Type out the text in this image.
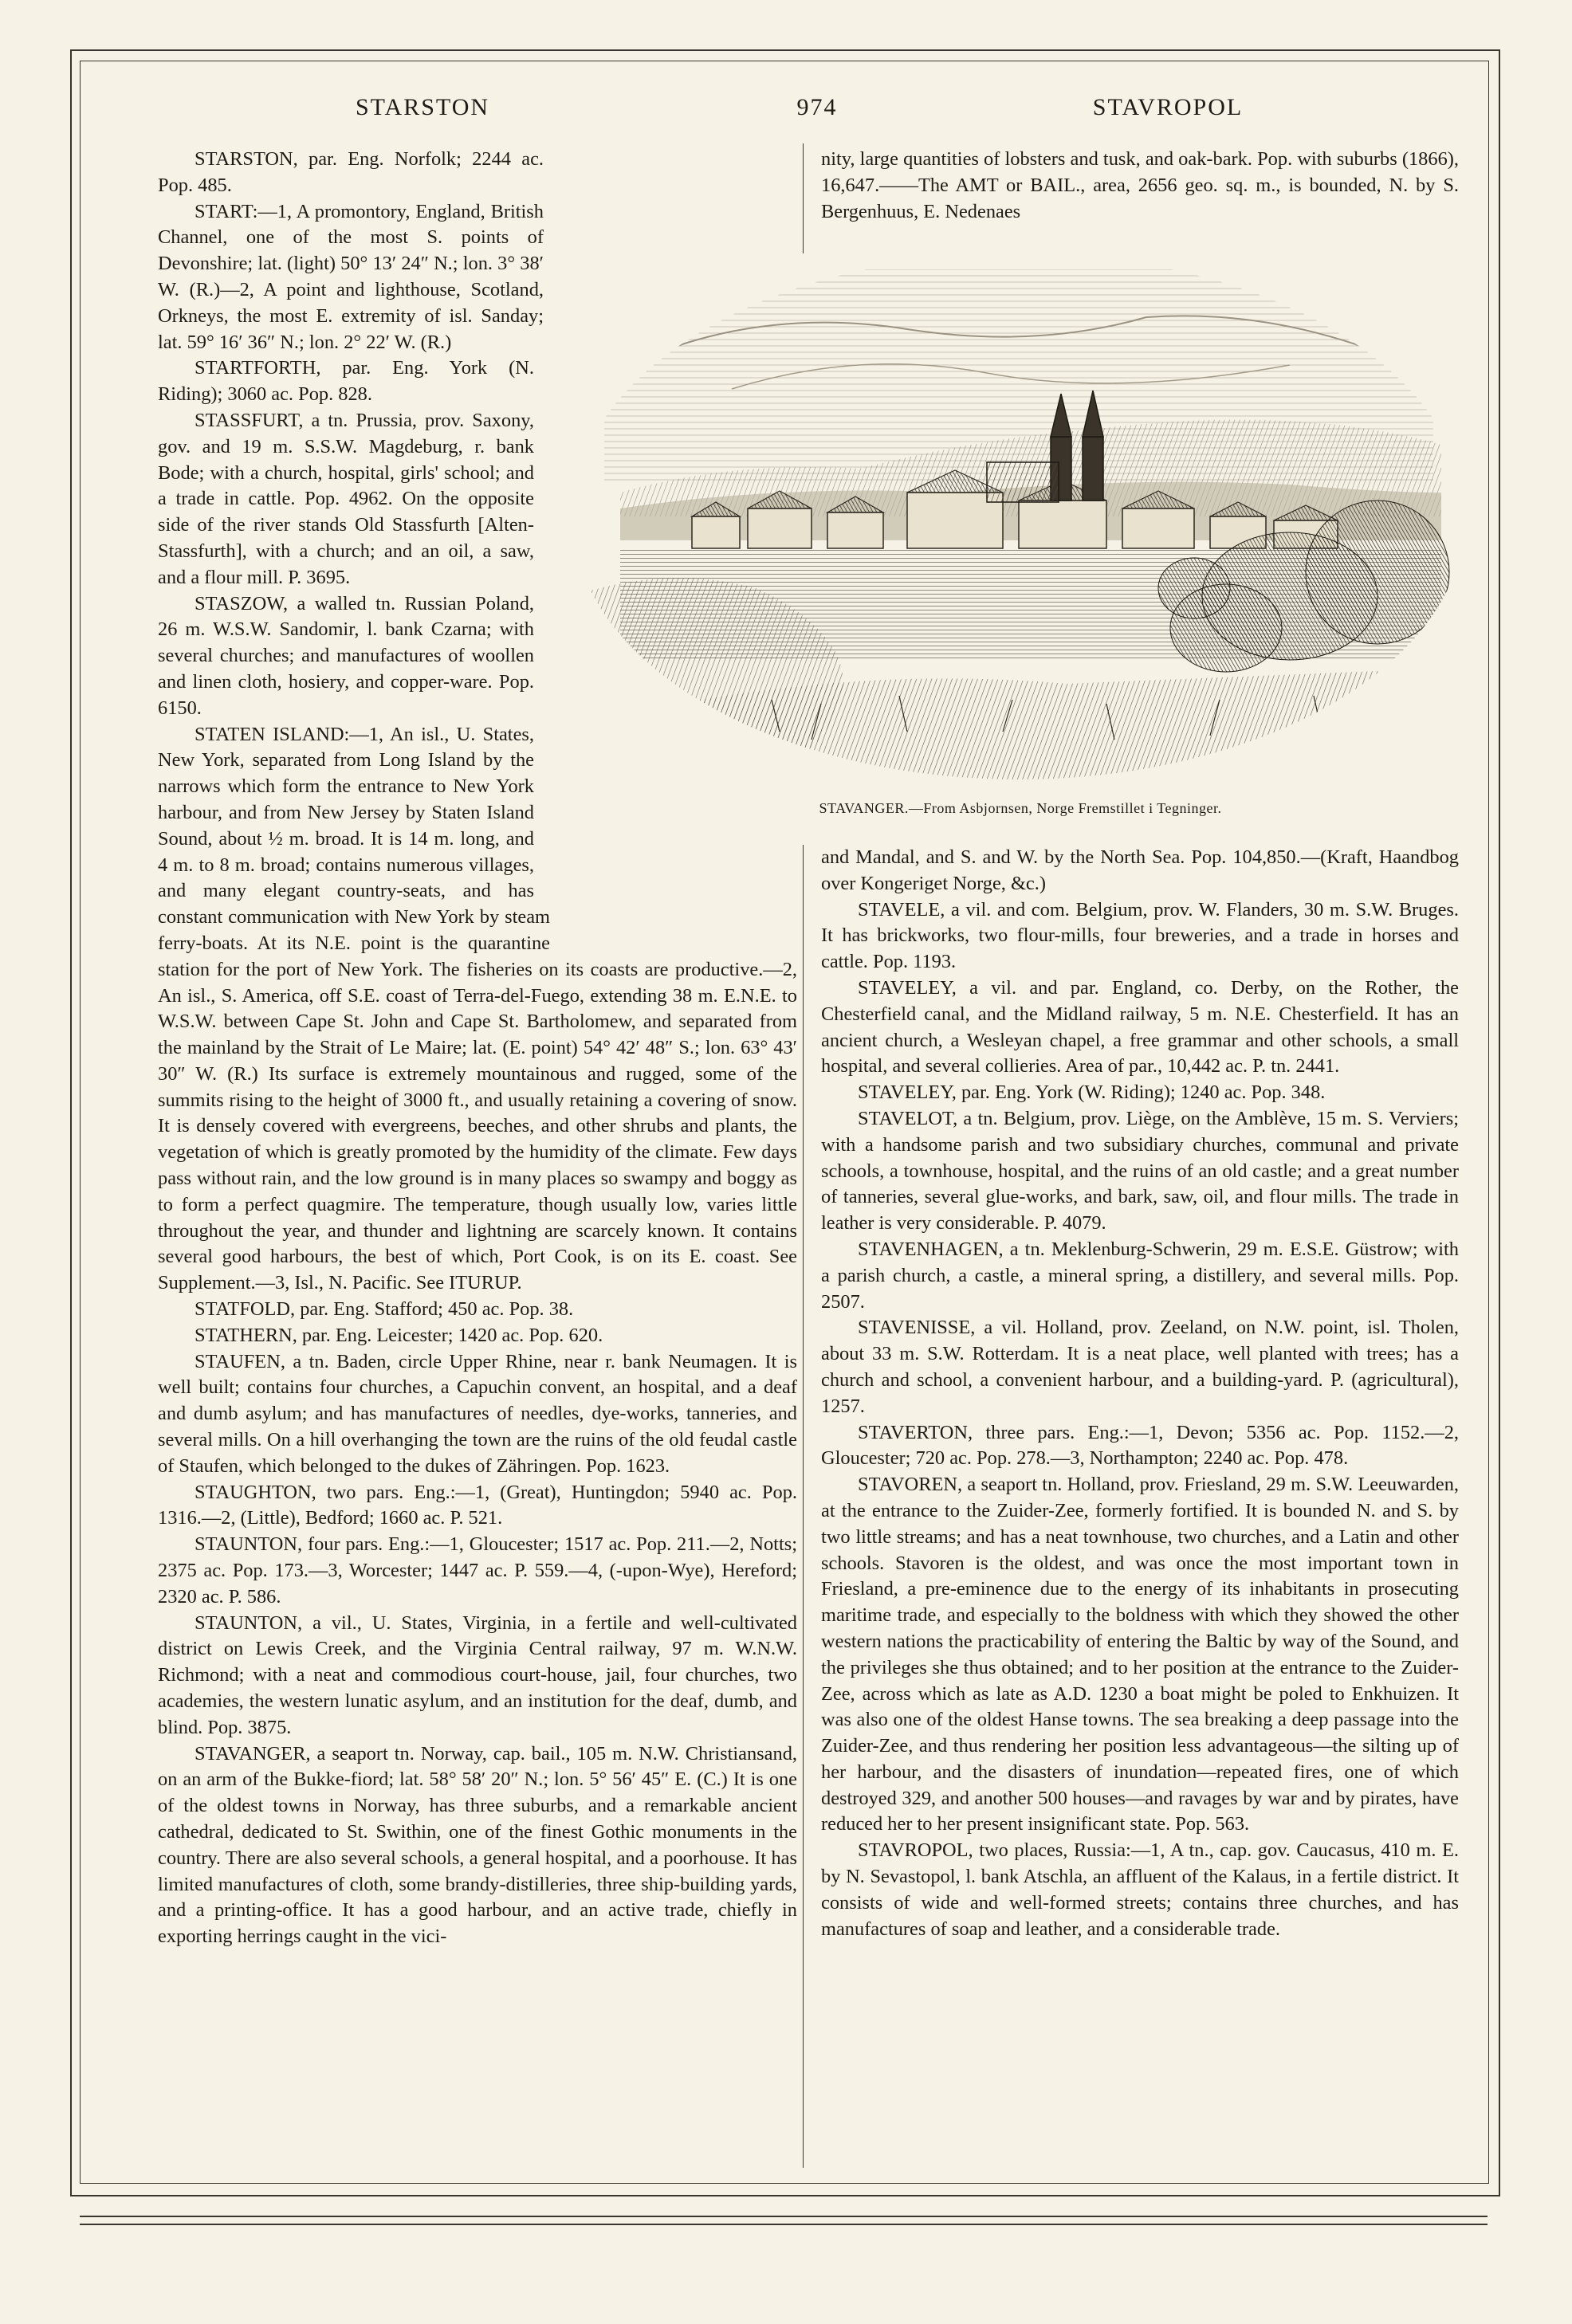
STARSTON	974	STAVROPOL

STARSTON, par. Eng. Norfolk; 2244 ac. Pop. 485.

START:—1, A promontory, England, British Channel, one of the most S. points of Devonshire; lat. (light) 50° 13′ 24″ N.; lon. 3° 38′ W. (R.)—2, A point and lighthouse, Scotland, Orkneys, the most E. extremity of isl. Sanday; lat. 59° 16′ 36″ N.; lon. 2° 22′ W. (R.)

STARTFORTH, par. Eng. York (N. Riding); 3060 ac. Pop. 828.

STASSFURT, a tn. Prussia, prov. Saxony, gov. and 19 m. S.S.W. Magdeburg, r. bank Bode; with a church, hospital, girls' school; and a trade in cattle. Pop. 4962. On the opposite side of the river stands Old Stassfurth [Alten-Stassfurth], with a church; and an oil, a saw, and a flour mill. P. 3695.

STASZOW, a walled tn. Russian Poland, 26 m. W.S.W. Sandomir, l. bank Czarna; with several churches; and manufactures of woollen and linen cloth, hosiery, and copper-ware. Pop. 6150.

STATEN ISLAND:—1, An isl., U. States, New York, separated from Long Island by the narrows which form the entrance to New York harbour, and from New Jersey by Staten Island Sound, about ½ m. broad. It is 14 m. long, and 4 m. to 8 m. broad; contains numerous villages, and many elegant country-seats, and has constant communication with New York by steam ferry-boats. At its N.E. point is the quarantine station for the port of New York. The fisheries on its coasts are productive.—2, An isl., S. America, off S.E. coast of Terra-del-Fuego, extending 38 m. E.N.E. to W.S.W. between Cape St. John and Cape St. Bartholomew, and separated from the mainland by the Strait of Le Maire; lat. (E. point) 54° 42′ 48″ S.; lon. 63° 43′ 30″ W. (R.) Its surface is extremely mountainous and rugged, some of the summits rising to the height of 3000 ft., and usually retaining a covering of snow. It is densely covered with evergreens, beeches, and other shrubs and plants, the vegetation of which is greatly promoted by the humidity of the climate. Few days pass without rain, and the low ground is in many places so swampy and boggy as to form a perfect quagmire. The temperature, though usually low, varies little throughout the year, and thunder and lightning are scarcely known. It contains several good harbours, the best of which, Port Cook, is on its E. coast. See Supplement.—3, Isl., N. Pacific. See ITURUP.

STATFOLD, par. Eng. Stafford; 450 ac. Pop. 38.

STATHERN, par. Eng. Leicester; 1420 ac. Pop. 620.

STAUFEN, a tn. Baden, circle Upper Rhine, near r. bank Neumagen. It is well built; contains four churches, a Capuchin convent, an hospital, and a deaf and dumb asylum; and has manufactures of needles, dye-works, tanneries, and several mills. On a hill overhanging the town are the ruins of the old feudal castle of Staufen, which belonged to the dukes of Zähringen. Pop. 1623.

STAUGHTON, two pars. Eng.:—1, (Great), Huntingdon; 5940 ac. Pop. 1316.—2, (Little), Bedford; 1660 ac. P. 521.

STAUNTON, four pars. Eng.:—1, Gloucester; 1517 ac. Pop. 211.—2, Notts; 2375 ac. Pop. 173.—3, Worcester; 1447 ac. P. 559.—4, (-upon-Wye), Hereford; 2320 ac. P. 586.

STAUNTON, a vil., U. States, Virginia, in a fertile and well-cultivated district on Lewis Creek, and the Virginia Central railway, 97 m. W.N.W. Richmond; with a neat and commodious court-house, jail, four churches, two academies, the western lunatic asylum, and an institution for the deaf, dumb, and blind. Pop. 3875.

STAVANGER, a seaport tn. Norway, cap. bail., 105 m. N.W. Christiansand, on an arm of the Bukke-fiord; lat. 58° 58′ 20″ N.; lon. 5° 56′ 45″ E. (C.) It is one of the oldest towns in Norway, has three suburbs, and a remarkable ancient cathedral, dedicated to St. Swithin, one of the finest Gothic monuments in the country. There are also several schools, a general hospital, and a poorhouse. It has limited manufactures of cloth, some brandy-distilleries, three ship-building yards, and a printing-office. It has a good harbour, and an active trade, chiefly in exporting herrings caught in the vici-

nity, large quantities of lobsters and tusk, and oak-bark. Pop. with suburbs (1866), 16,647.——The AMT or BAIL., area, 2656 geo. sq. m., is bounded, N. by S. Bergenhuus, E. Nedenaes

STAVANGER.—From Asbjornsen, Norge Fremstillet i Tegninger.

and Mandal, and S. and W. by the North Sea. Pop. 104,850.—(Kraft, Haandbog over Kongeriget Norge, &c.)

STAVELE, a vil. and com. Belgium, prov. W. Flanders, 30 m. S.W. Bruges. It has brickworks, two flour-mills, four breweries, and a trade in horses and cattle. Pop. 1193.

STAVELEY, a vil. and par. England, co. Derby, on the Rother, the Chesterfield canal, and the Midland railway, 5 m. N.E. Chesterfield. It has an ancient church, a Wesleyan chapel, a free grammar and other schools, a small hospital, and several collieries. Area of par., 10,442 ac. P. tn. 2441.

STAVELEY, par. Eng. York (W. Riding); 1240 ac. Pop. 348.

STAVELOT, a tn. Belgium, prov. Liège, on the Amblève, 15 m. S. Verviers; with a handsome parish and two subsidiary churches, communal and private schools, a townhouse, hospital, and the ruins of an old castle; and a great number of tanneries, several glue-works, and bark, saw, oil, and flour mills. The trade in leather is very considerable. P. 4079.

STAVENHAGEN, a tn. Meklenburg-Schwerin, 29 m. E.S.E. Güstrow; with a parish church, a castle, a mineral spring, a distillery, and several mills. Pop. 2507.

STAVENISSE, a vil. Holland, prov. Zeeland, on N.W. point, isl. Tholen, about 33 m. S.W. Rotterdam. It is a neat place, well planted with trees; has a church and school, a convenient harbour, and a building-yard. P. (agricultural), 1257.

STAVERTON, three pars. Eng.:—1, Devon; 5356 ac. Pop. 1152.—2, Gloucester; 720 ac. Pop. 278.—3, Northampton; 2240 ac. Pop. 478.

STAVOREN, a seaport tn. Holland, prov. Friesland, 29 m. S.W. Leeuwarden, at the entrance to the Zuider-Zee, formerly fortified. It is bounded N. and S. by two little streams; and has a neat townhouse, two churches, and a Latin and other schools. Stavoren is the oldest, and was once the most important town in Friesland, a pre-eminence due to the energy of its inhabitants in prosecuting maritime trade, and especially to the boldness with which they showed the other western nations the practicability of entering the Baltic by way of the Sound, and the privileges she thus obtained; and to her position at the entrance to the Zuider-Zee, across which as late as A.D. 1230 a boat might be poled to Enkhuizen. It was also one of the oldest Hanse towns. The sea breaking a deep passage into the Zuider-Zee, and thus rendering her position less advantageous—the silting up of her harbour, and the disasters of inundation—repeated fires, one of which destroyed 329, and another 500 houses—and ravages by war and by pirates, have reduced her to her present insignificant state. Pop. 563.

STAVROPOL, two places, Russia:—1, A tn., cap. gov. Caucasus, 410 m. E. by N. Sevastopol, l. bank Atschla, an affluent of the Kalaus, in a fertile district. It consists of wide and well-formed streets; contains three churches, and has manufactures of soap and leather, and a considerable trade.
